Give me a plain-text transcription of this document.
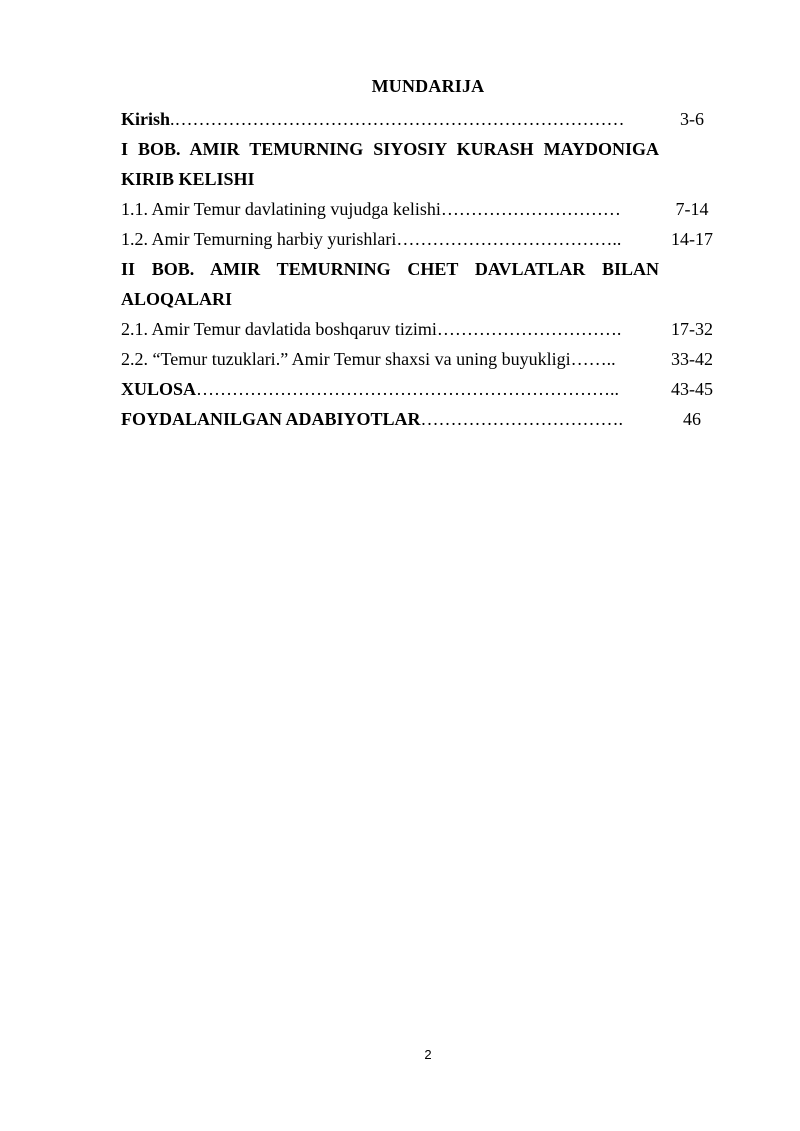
MUNDARIJA
Kirish.…………………………………………………………………	3-6
I BOB. AMIR TEMURNING SIYOSIY KURASH MAYDONIGA
KIRIB KELISHI
1.1. Amir Temur davlatining vujudga kelishi…………………………	7-14
1.2. Amir Temurning harbiy yurishlari………………………………..	14-17
II BOB. AMIR TEMURNING CHET DAVLATLAR BILAN
ALOQALARI
2.1. Amir Temur davlatida boshqaruv tizimi………………………….	17-32
2.2. “Temur tuzuklari.” Amir Temur shaxsi va uning buyukligi……..	33-42
XULOSA……………………………………………………………..	43-45
FOYDALANILGAN ADABIYOTLAR…………………………….	46
2
